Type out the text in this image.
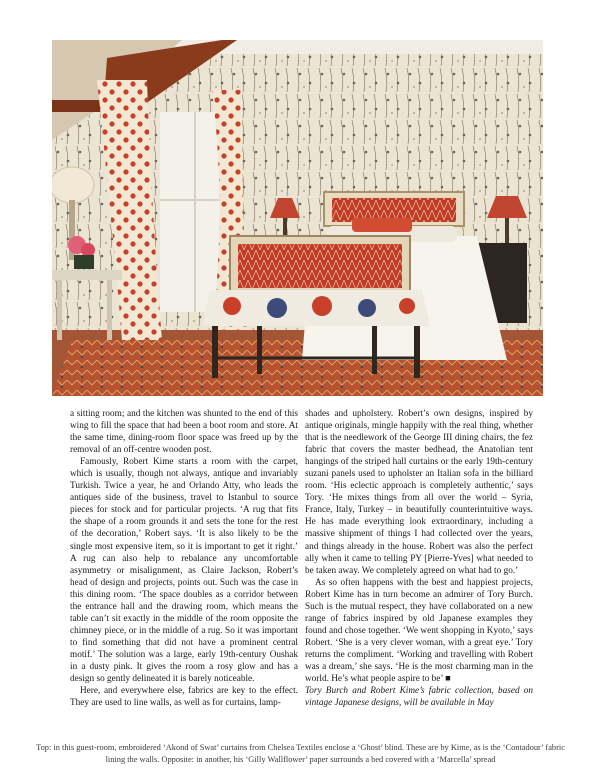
a sitting room; and the kitchen was shunted to the end of this wing to fill the space that had been a boot room and store. At the same time, dining-room floor space was freed up by the removal of an off-centre wooden post.

Famously, Robert Kime starts a room with the carpet, which is usually, though not always, antique and invariably Turkish. Twice a year, he and Orlando Atty, who leads the antiques side of the business, travel to Istanbul to source pieces for stock and for particular projects. ‘A rug that fits the shape of a room grounds it and sets the tone for the rest of the decoration,’ Robert says. ‘It is also likely to be the single most expensive item, so it is important to get it right.’ A rug can also help to rebalance any uncomfortable asymmetry or misalignment, as Claire Jackson, Robert’s head of design and projects, points out. Such was the case in this dining room. ‘The space doubles as a corridor between the entrance hall and the drawing room, which means the table can’t sit exactly in the middle of the room opposite the chimney piece, or in the middle of a rug. So it was important to find something that did not have a prominent central motif.’ The solution was a large, early 19th-century Oushak in a dusty pink. It gives the room a rosy glow and has a design so gently delineated it is barely noticeable.

Here, and everywhere else, fabrics are key to the effect. They are used to line walls, as well as for curtains, lamp-

shades and upholstery. Robert’s own designs, inspired by antique originals, mingle happily with the real thing, whether that is the needlework of the George III dining chairs, the fez fabric that covers the master bedhead, the Anatolian tent hangings of the striped hall curtains or the early 19th-century suzani panels used to upholster an Italian sofa in the billiard room. ‘His eclectic approach is completely authentic,’ says Tory. ‘He mixes things from all over the world – Syria, France, Italy, Turkey – in beautifully counterintuitive ways. He has made everything look extraordinary, including a massive shipment of things I had collected over the years, and things already in the house. Robert was also the perfect ally when it came to telling PY [Pierre-Yves] what needed to be taken away. We completely agreed on what had to go.’

As so often happens with the best and happiest projects, Robert Kime has in turn become an admirer of Tory Burch. Such is the mutual respect, they have collaborated on a new range of fabrics inspired by old Japanese examples they found and chose together. ‘We went shopping in Kyoto,’ says Robert. ‘She is a very clever woman, with a great eye.’ Tory returns the compliment. ‘Working and travelling with Robert was a dream,’ she says. ‘He is the most charming man in the world. He’s what people aspire to be’ ■

Tory Burch and Robert Kime’s fabric collection, based on vintage Japanese designs, will be available in May

Top: in this guest-room, embroidered ‘Akond of Swat’ curtains from Chelsea Textiles enclose a ‘Ghost’ blind. These are by Kime, as is the ‘Contadour’ fabric lining the walls. Opposite: in another, his ‘Gilly Wallflower’ paper surrounds a bed covered with a ‘Marcella’ spread
